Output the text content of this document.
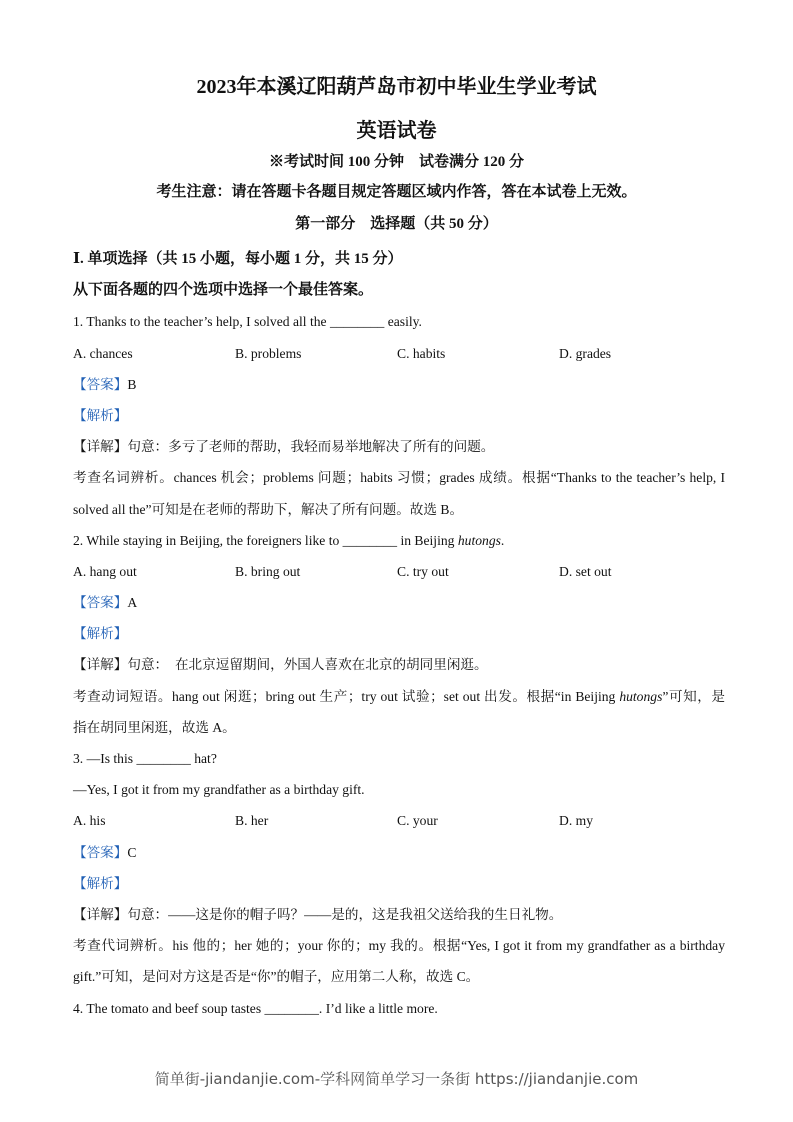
2023年本溪辽阳葫芦岛市初中毕业生学业考试
英语试卷
※考试时间 100 分钟　试卷满分 120 分
考生注意：请在答题卡各题目规定答题区域内作答，答在本试卷上无效。
第一部分　选择题（共 50 分）
Ⅰ. 单项选择（共 15 小题，每小题 1 分，共 15 分）
从下面各题的四个选项中选择一个最佳答案。
1. Thanks to the teacher’s help, I solved all the ________ easily.
A. chances	B. problems	C. habits	D. grades
【答案】B
【解析】
【详解】句意：多亏了老师的帮助，我轻而易举地解决了所有的问题。
考查名词辨析。chances 机会；problems 问题；habits 习惯；grades 成绩。根据“Thanks to the teacher’s help, I
solved all the”可知是在老师的帮助下，解决了所有问题。故选 B。
2. While staying in Beijing, the foreigners like to ________ in Beijing hutongs.
A. hang out	B. bring out	C. try out	D. set out
【答案】A
【解析】
【详解】句意：　在北京逗留期间，外国人喜欢在北京的胡同里闲逛。
考查动词短语。hang out 闲逛；bring out 生产；try out 试验；set out 出发。根据“in Beijing hutongs”可知，是
指在胡同里闲逛，故选 A。
3. —Is this ________ hat?
—Yes, I got it from my grandfather as a birthday gift.
A. his	B. her	C. your	D. my
【答案】C
【解析】
【详解】句意：——这是你的帽子吗？——是的，这是我祖父送给我的生日礼物。
考查代词辨析。his 他的；her 她的；your 你的；my 我的。根据“Yes, I got it from my grandfather as a birthday
gift.”可知，是问对方这是否是“你”的帽子，应用第二人称，故选 C。
4. The tomato and beef soup tastes ________. I’d like a little more.
简单街-jiandanjie.com-学科网简单学习一条街 https://jiandanjie.com
